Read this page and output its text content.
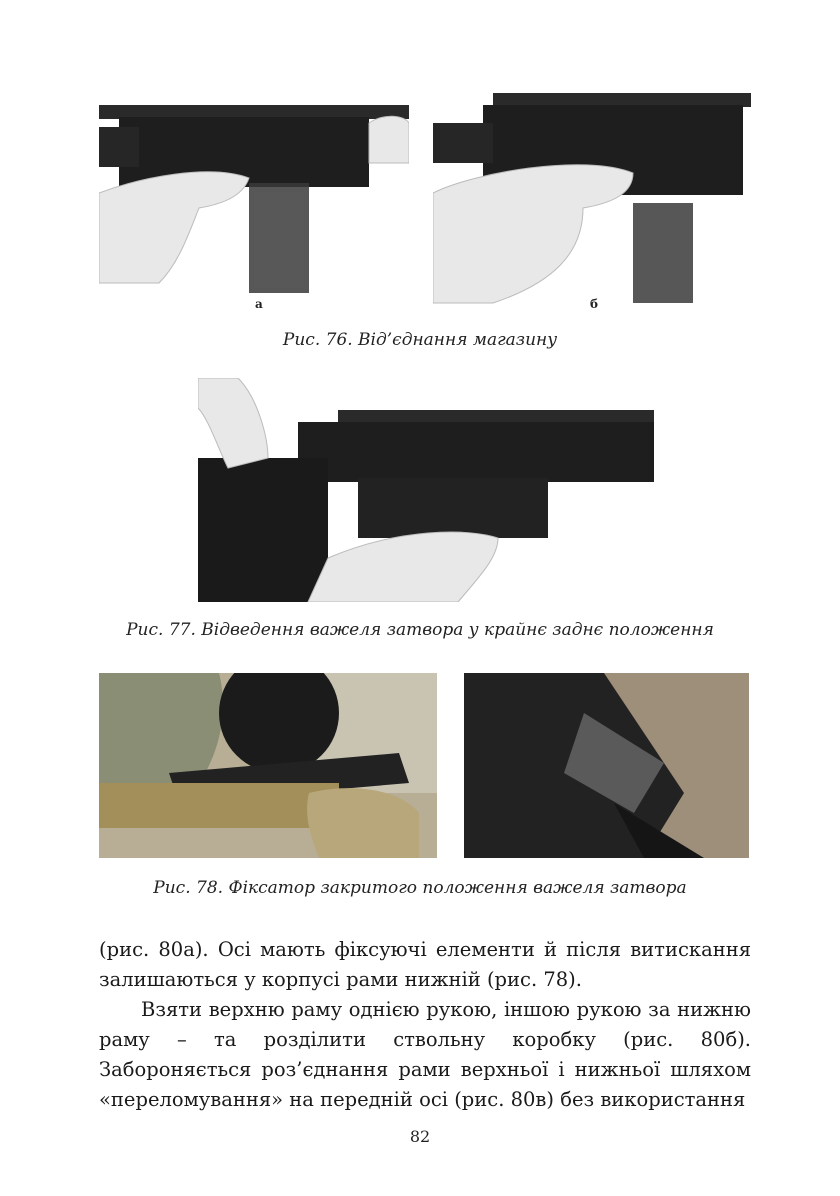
а	б
Рис. 76. Від’єднання магазину
Рис. 77. Відведення важеля затвора у крайнє заднє положення
Рис. 78. Фіксатор закритого положення важеля затвора

(рис. 80а). Осі мають фіксуючі елементи й після витискання залишаються у корпусі рами нижній (рис. 78).

Взяти верхню раму однією рукою, іншою рукою за нижню раму – та розділити ствольну коробку (рис. 80б). Забороняється роз’єднання рами верхньої і нижньої шляхом «переломування» на передній осі (рис. 80в) без використання

82
